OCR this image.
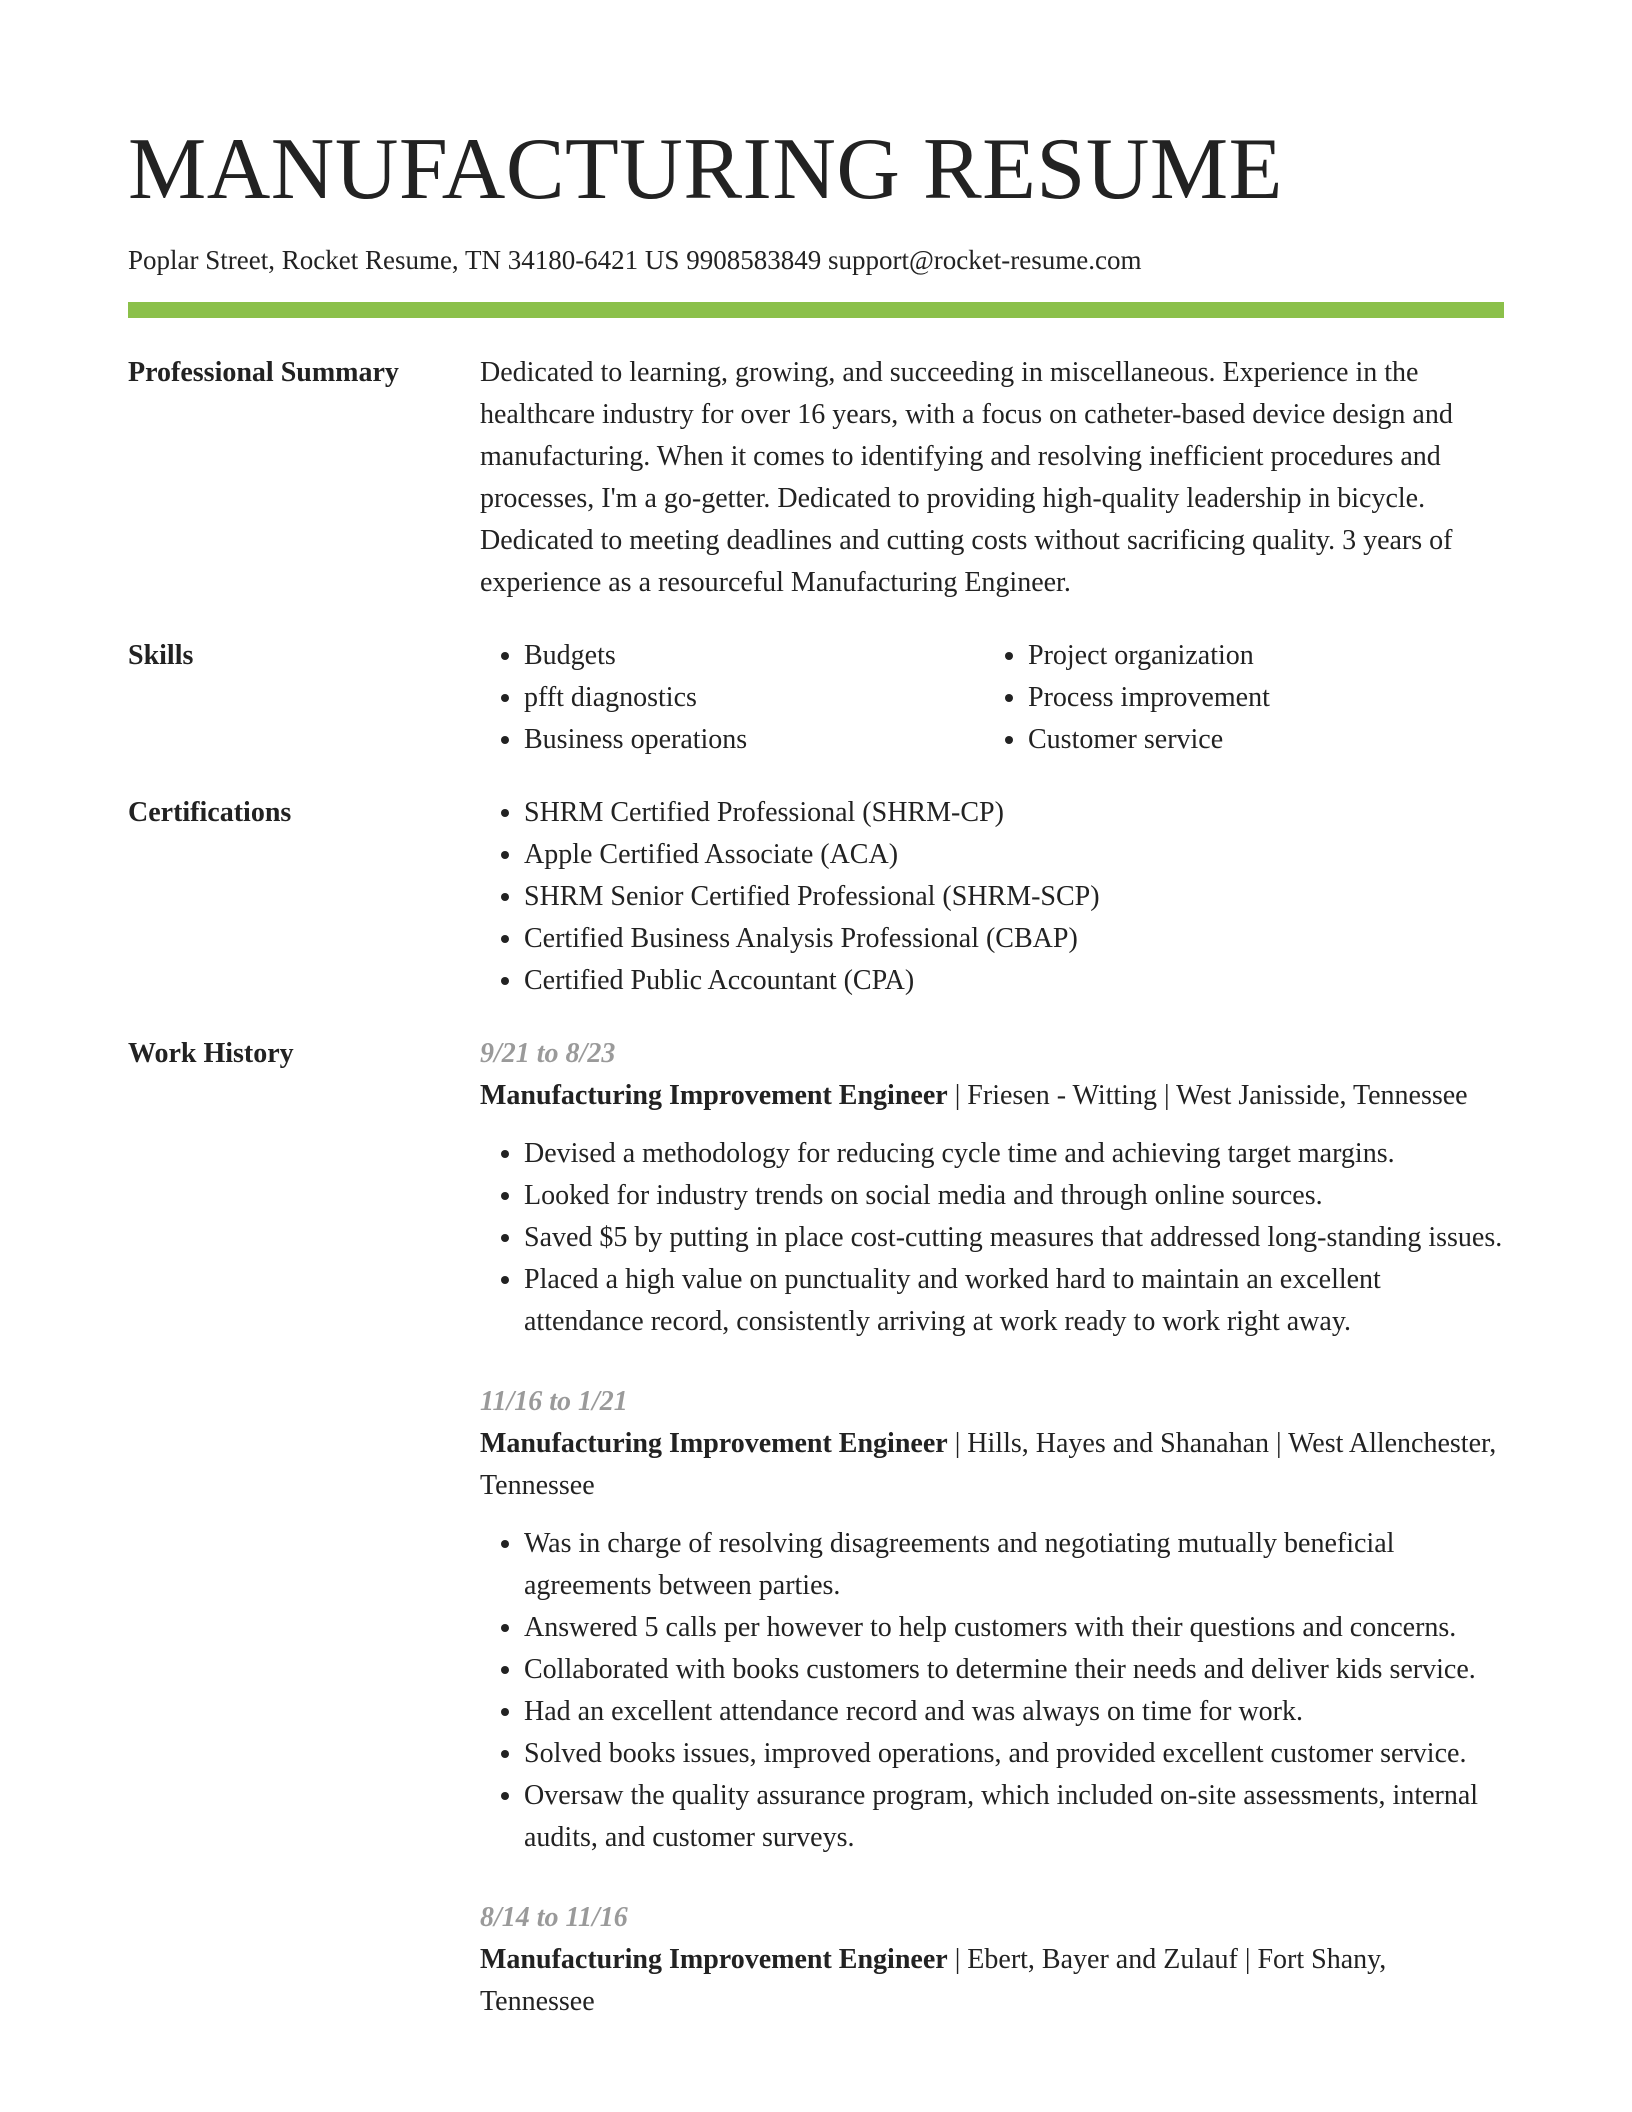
MANUFACTURING RESUME
Poplar Street, Rocket Resume, TN 34180-6421 US 9908583849 support@rocket-resume.com
Professional Summary	Dedicated to learning, growing, and succeeding in miscellaneous. Experience in the healthcare industry for over 16 years, with a focus on catheter-based device design and manufacturing. When it comes to identifying and resolving inefficient procedures and processes, I'm a go-getter. Dedicated to providing high-quality leadership in bicycle. Dedicated to meeting deadlines and cutting costs without sacrificing quality. 3 years of experience as a resourceful Manufacturing Engineer.

Skills	• Budgets
• pfft diagnostics
• Business operations
• Project organization
• Process improvement
• Customer service
Certifications	• SHRM Certified Professional (SHRM-CP)
• Apple Certified Associate (ACA)
• SHRM Senior Certified Professional (SHRM-SCP)
• Certified Business Analysis Professional (CBAP)
• Certified Public Accountant (CPA)
Work History	9/21 to 8/23
Manufacturing Improvement Engineer | Friesen - Witting | West Janisside, Tennessee
• Devised a methodology for reducing cycle time and achieving target margins.
• Looked for industry trends on social media and through online sources.
• Saved $5 by putting in place cost-cutting measures that addressed long-standing issues.
• Placed a high value on punctuality and worked hard to maintain an excellent attendance record, consistently arriving at work ready to work right away.
11/16 to 1/21
Manufacturing Improvement Engineer | Hills, Hayes and Shanahan | West Allenchester, Tennessee
• Was in charge of resolving disagreements and negotiating mutually beneficial agreements between parties.
• Answered 5 calls per however to help customers with their questions and concerns.
• Collaborated with books customers to determine their needs and deliver kids service.
• Had an excellent attendance record and was always on time for work.
• Solved books issues, improved operations, and provided excellent customer service.
• Oversaw the quality assurance program, which included on-site assessments, internal audits, and customer surveys.
8/14 to 11/16
Manufacturing Improvement Engineer | Ebert, Bayer and Zulauf | Fort Shany, Tennessee
